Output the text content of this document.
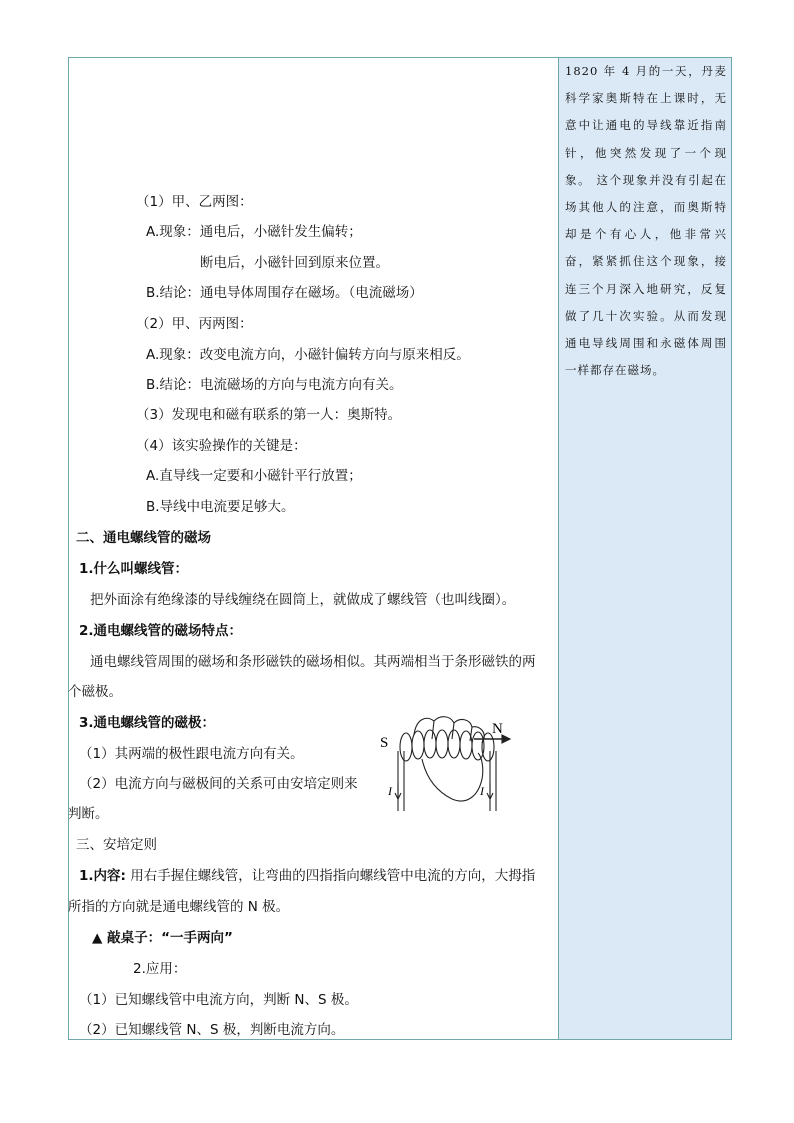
1820 年 4 月的一天，丹麦科学家奥斯特在上课时，无意中让通电的导线靠近指南针，他突然发现了一个现象。 这个现象并没有引起在场其他人的注意，而奥斯特却是个有心人，他非常兴奋，紧紧抓住这个现象，接连三个月深入地研究，反复做了几十次实验。从而发现通电导线周围和永磁体周围一样都存在磁场。
（1）甲、乙两图：
A.现象：通电后，小磁针发生偏转；
断电后，小磁针回到原来位置。
B.结论：通电导体周围存在磁场。（电流磁场）
（2）甲、丙两图：
A.现象：改变电流方向，小磁针偏转方向与原来相反。
B.结论：电流磁场的方向与电流方向有关。
（3）发现电和磁有联系的第一人：奥斯特。
（4）该实验操作的关键是：
A.直导线一定要和小磁针平行放置；
B.导线中电流要足够大。
二、通电螺线管的磁场
1.什么叫螺线管：
把外面涂有绝缘漆的导线缠绕在圆筒上，就做成了螺线管（也叫线圈）。
2.通电螺线管的磁场特点：
通电螺线管周围的磁场和条形磁铁的磁场相似。其两端相当于条形磁铁的两
个磁极。
3.通电螺线管的磁极：
（1）其两端的极性跟电流方向有关。
（2）电流方向与磁极间的关系可由安培定则来
判断。
三、安培定则
1.内容: 用右手握住螺线管，让弯曲的四指指向螺线管中电流的方向，大拇指
所指的方向就是通电螺线管的 N 极。
▲ 敲桌子：“一手两向”
2.应用：
（1）已知螺线管中电流方向，判断 N、S 极。
（2）已知螺线管 N、S 极，判断电流方向。
S
N
I	I
